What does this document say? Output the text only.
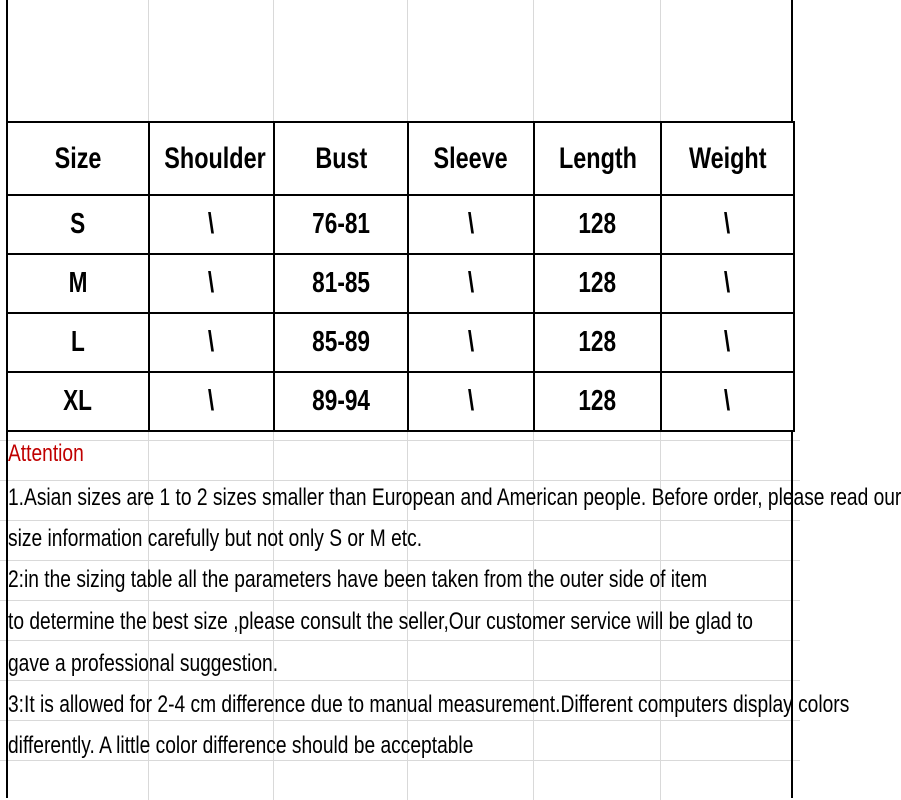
Size	Shoulder	Bust	Sleeve	Length	Weight
S	\	76-81	\	128	\
M	\	81-85	\	128	\
L	\	85-89	\	128	\
XL	\	89-94	\	128	\
Attention
1.Asian sizes are 1 to 2 sizes smaller than European and American people. Before order, please read our
size information carefully but not only S or M etc.
2:in the sizing table all the parameters have been taken from the outer side of item
to determine the best size ,please consult the seller,Our customer service will be glad to
gave a professional suggestion.
3:It is allowed for 2-4 cm difference due to manual measurement.Different computers display colors
differently. A little color difference should be acceptable
